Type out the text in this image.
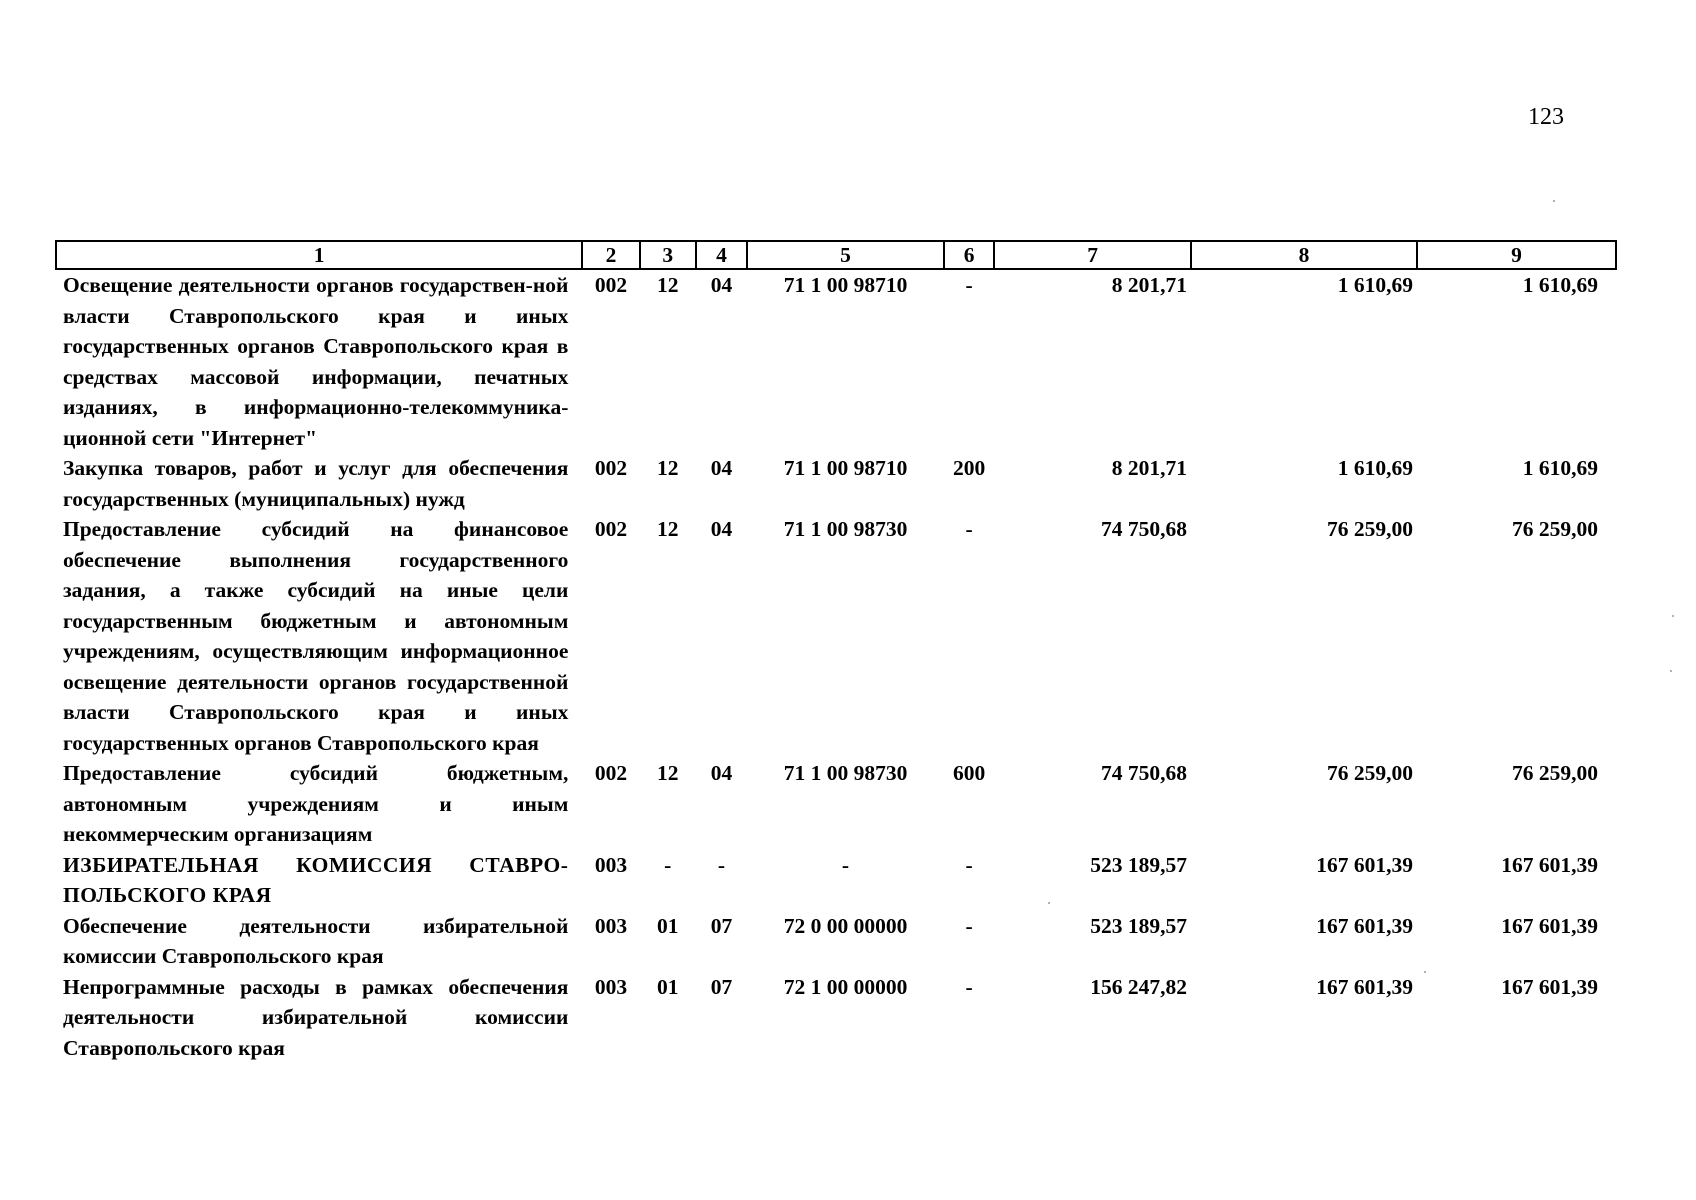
123
1	2	3	4	5	6	7	8	9
Освещение деятельности органов государствен-ной власти Ставропольского края и иных государственных органов Ставропольского края в средствах массовой информации, печатных изданиях, в информационно-телекоммуника-ционной сети "Интернет"	002	12	04	71 1 00 98710	-	8 201,71	1 610,69	1 610,69
Закупка товаров, работ и услуг для обеспечения государственных (муниципальных) нужд	002	12	04	71 1 00 98710	200	8 201,71	1 610,69	1 610,69
Предоставление субсидий на финансовое обеспечение выполнения государственного задания, а также субсидий на иные цели государственным бюджетным и автономным учреждениям, осуществляющим информационное освещение деятельности органов государственной власти Ставропольского края и иных государственных органов Ставропольского края	002	12	04	71 1 00 98730	-	74 750,68	76 259,00	76 259,00
Предоставление субсидий бюджетным, автономным учреждениям и иным некоммерческим организациям	002	12	04	71 1 00 98730	600	74 750,68	76 259,00	76 259,00
ИЗБИРАТЕЛЬНАЯ КОМИССИЯ СТАВРО-ПОЛЬСКОГО КРАЯ	003	-	-	-	-	523 189,57	167 601,39	167 601,39
Обеспечение деятельности избирательной комиссии Ставропольского края	003	01	07	72 0 00 00000	-	523 189,57	167 601,39	167 601,39
Непрограммные расходы в рамках обеспечения деятельности избирательной комиссии Ставропольского края	003	01	07	72 1 00 00000	-	156 247,82	167 601,39	167 601,39
